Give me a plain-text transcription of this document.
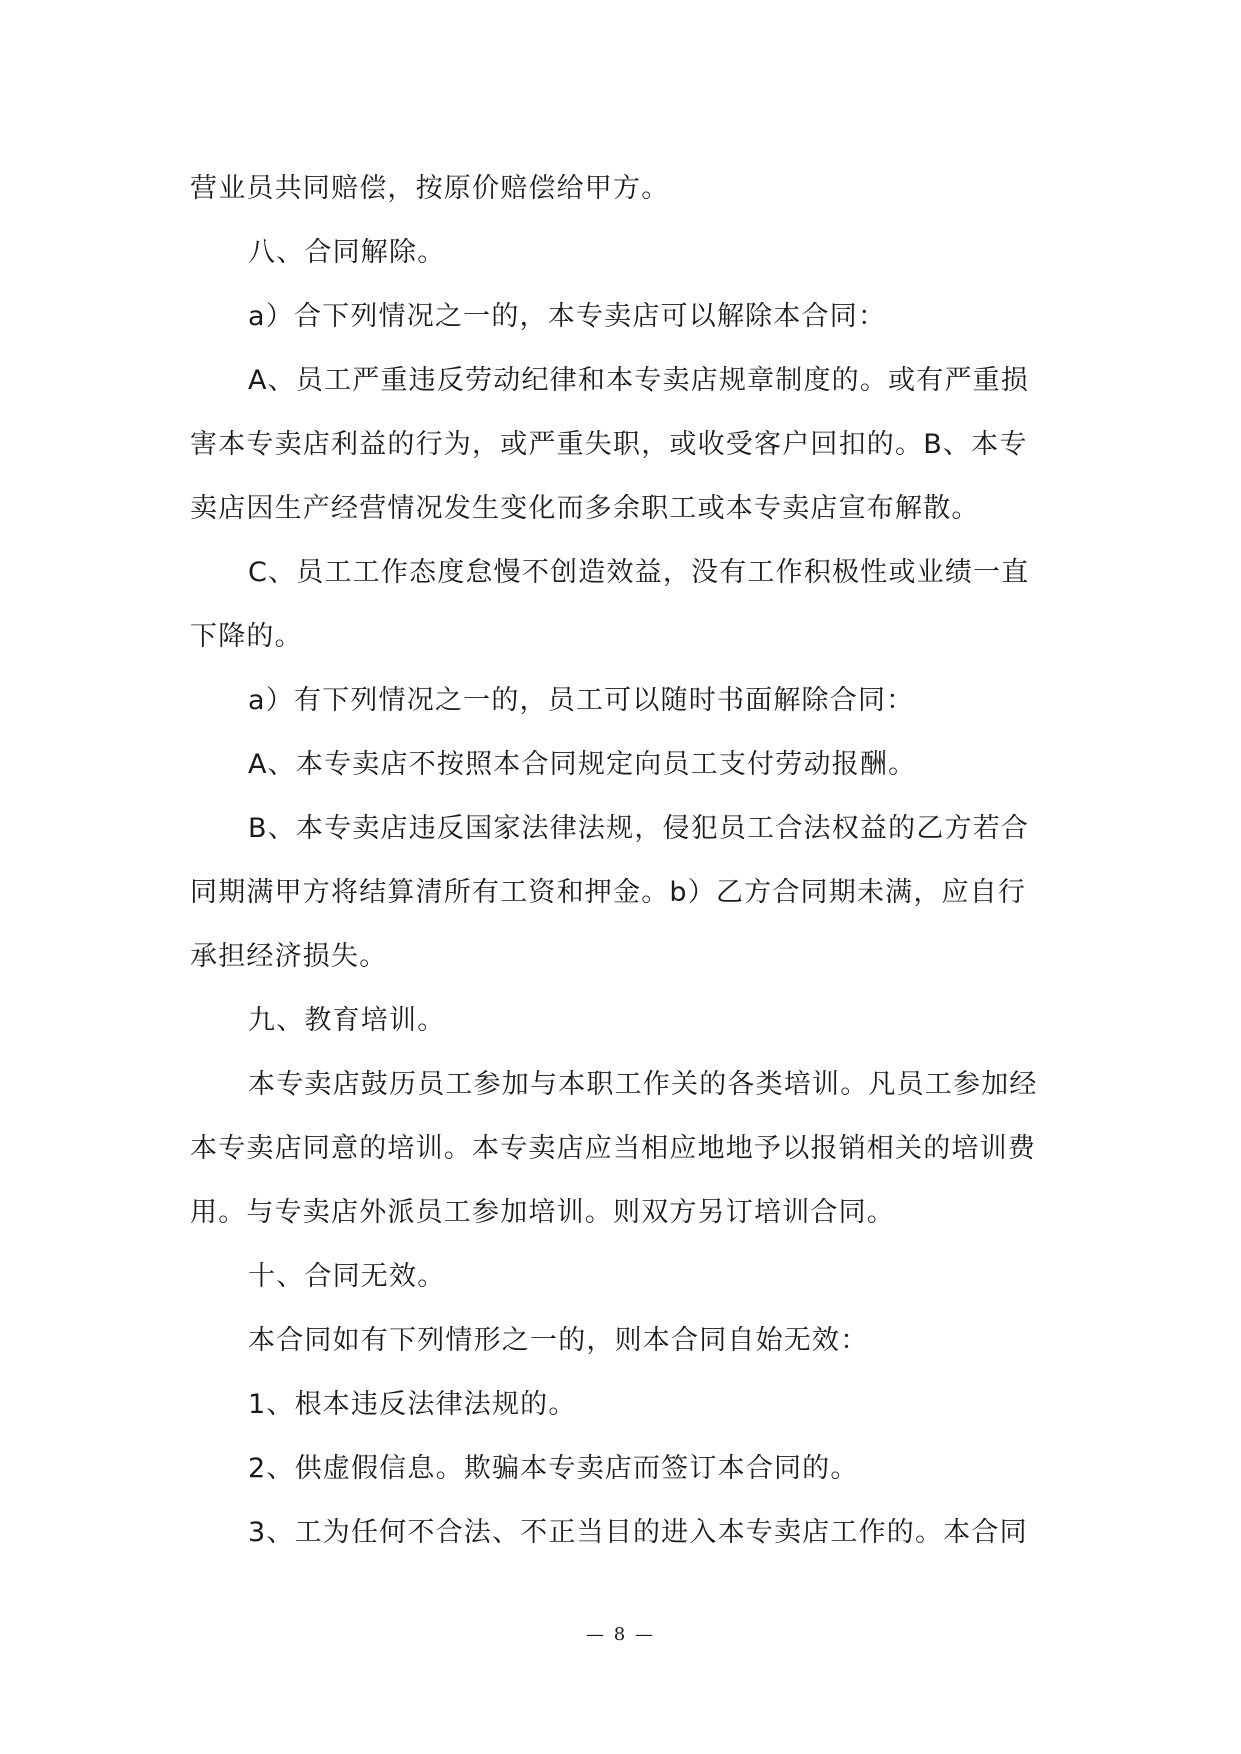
营业员共同赔偿，按原价赔偿给甲方。
八、合同解除。
a）合下列情况之一的，本专卖店可以解除本合同：
A、员工严重违反劳动纪律和本专卖店规章制度的。或有严重损
害本专卖店利益的行为，或严重失职，或收受客户回扣的。B、本专
卖店因生产经营情况发生变化而多余职工或本专卖店宣布解散。
C、员工工作态度怠慢不创造效益，没有工作积极性或业绩一直
下降的。
a）有下列情况之一的，员工可以随时书面解除合同：
A、本专卖店不按照本合同规定向员工支付劳动报酬。
B、本专卖店违反国家法律法规，侵犯员工合法权益的乙方若合
同期满甲方将结算清所有工资和押金。b）乙方合同期未满，应自行
承担经济损失。
九、教育培训。
本专卖店鼓历员工参加与本职工作关的各类培训。凡员工参加经
本专卖店同意的培训。本专卖店应当相应地地予以报销相关的培训费
用。与专卖店外派员工参加培训。则双方另订培训合同。
十、合同无效。
本合同如有下列情形之一的，则本合同自始无效：
1、根本违反法律法规的。
2、供虚假信息。欺骗本专卖店而签订本合同的。
3、工为任何不合法、不正当目的进入本专卖店工作的。本合同
— 8 —
